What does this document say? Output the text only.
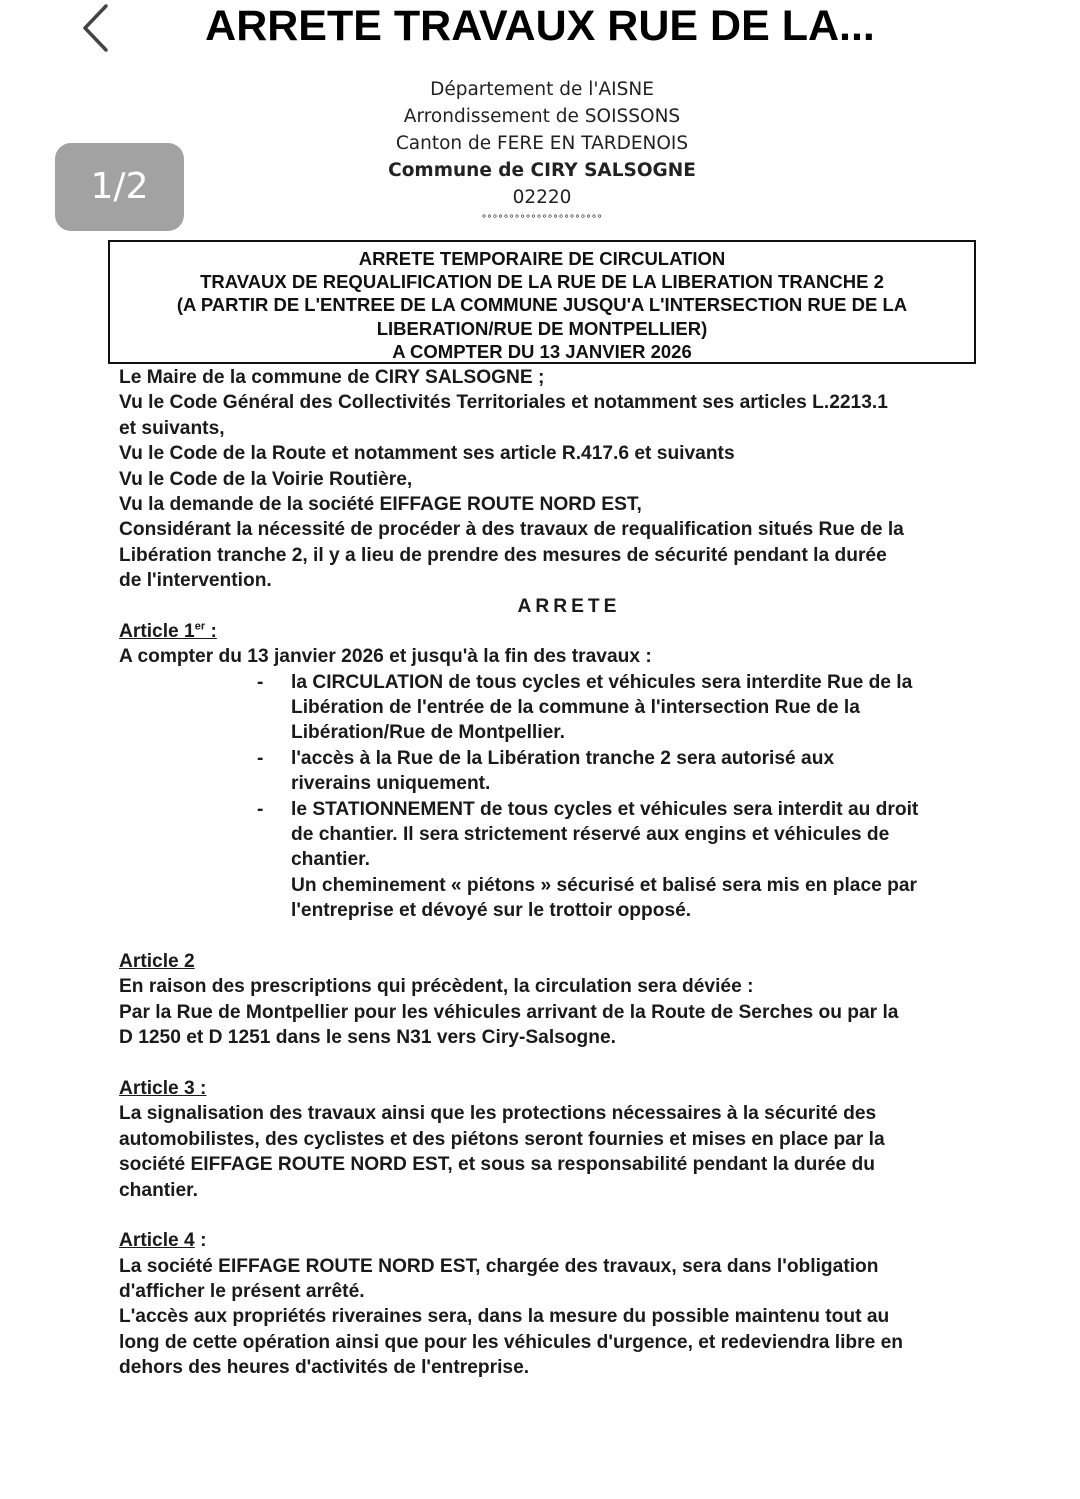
ARRETE TRAVAUX RUE DE LA...
Département de l'AISNE
Arrondissement de SOISSONS
Canton de FERE EN TARDENOIS
Commune de CIRY SALSOGNE
02220
°°°°°°°°°°°°°°°°°°°°°°
ARRETE TEMPORAIRE DE CIRCULATION
TRAVAUX DE REQUALIFICATION DE LA RUE DE LA LIBERATION TRANCHE 2
(A PARTIR DE L'ENTREE DE LA COMMUNE JUSQU'A L'INTERSECTION RUE DE LA
LIBERATION/RUE DE MONTPELLIER)
A COMPTER DU 13 JANVIER 2026
Le Maire de la commune de CIRY SALSOGNE ;
Vu le Code Général des Collectivités Territoriales et notamment ses articles L.2213.1
et suivants,
Vu le Code de la Route et notamment ses article R.417.6 et suivants
Vu le Code de la Voirie Routière,
Vu la demande de la société EIFFAGE ROUTE NORD EST,
Considérant la nécessité de procéder à des travaux de requalification situés Rue de la
Libération tranche 2, il y a lieu de prendre des mesures de sécurité pendant la durée
de l'intervention.
ARRETE
Article 1er :
A compter du 13 janvier 2026 et jusqu'à la fin des travaux :
- la CIRCULATION de tous cycles et véhicules sera interdite Rue de la
Libération de l'entrée de la commune à l'intersection Rue de la
Libération/Rue de Montpellier.
- l'accès à la Rue de la Libération tranche 2 sera autorisé aux
riverains uniquement.
- le STATIONNEMENT de tous cycles et véhicules sera interdit au droit
de chantier. Il sera strictement réservé aux engins et véhicules de
chantier.
Un cheminement « piétons » sécurisé et balisé sera mis en place par
l'entreprise et dévoyé sur le trottoir opposé.
Article 2
En raison des prescriptions qui précèdent, la circulation sera déviée :
Par la Rue de Montpellier pour les véhicules arrivant de la Route de Serches ou par la
D 1250 et D 1251 dans le sens N31 vers Ciry-Salsogne.
Article 3 :
La signalisation des travaux ainsi que les protections nécessaires à la sécurité des
automobilistes, des cyclistes et des piétons seront fournies et mises en place par la
société EIFFAGE ROUTE NORD EST, et sous sa responsabilité pendant la durée du
chantier.
Article 4 :
La société EIFFAGE ROUTE NORD EST, chargée des travaux, sera dans l'obligation
d'afficher le présent arrêté.
L'accès aux propriétés riveraines sera, dans la mesure du possible maintenu tout au
long de cette opération ainsi que pour les véhicules d'urgence, et redeviendra libre en
dehors des heures d'activités de l'entreprise.
1/2
